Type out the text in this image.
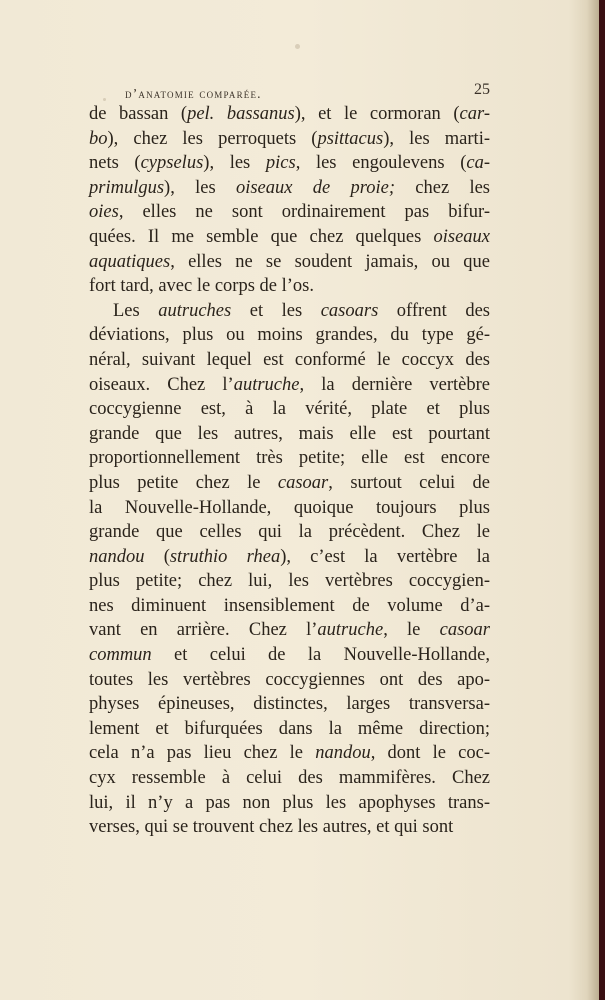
d’anatomie comparée.	25
de bassan (pel. bassanus), et le cormoran (car-
bo), chez les perroquets (psittacus), les marti-
nets (cypselus), les pics, les engoulevens (ca-
primulgus), les oiseaux de proie; chez les
oies, elles ne sont ordinairement pas bifur-
quées. Il me semble que chez quelques oiseaux
aquatiques, elles ne se soudent jamais, ou que
fort tard, avec le corps de l’os.
Les autruches et les casoars offrent des
déviations, plus ou moins grandes, du type gé-
néral, suivant lequel est conformé le coccyx des
oiseaux. Chez l’autruche, la dernière vertèbre
coccygienne est, à la vérité, plate et plus
grande que les autres, mais elle est pourtant
proportionnellement très petite; elle est encore
plus petite chez le casoar, surtout celui de
la Nouvelle-Hollande, quoique toujours plus
grande que celles qui la précèdent. Chez le
nandou (struthio rhea), c’est la vertèbre la
plus petite; chez lui, les vertèbres coccygien-
nes diminuent insensiblement de volume d’a-
vant en arrière. Chez l’autruche, le casoar
commun et celui de la Nouvelle-Hollande,
toutes les vertèbres coccygiennes ont des apo-
physes épineuses, distinctes, larges transversa-
lement et bifurquées dans la même direction;
cela n’a pas lieu chez le nandou, dont le coc-
cyx ressemble à celui des mammifères. Chez
lui, il n’y a pas non plus les apophyses trans-
verses, qui se trouvent chez les autres, et qui sont
